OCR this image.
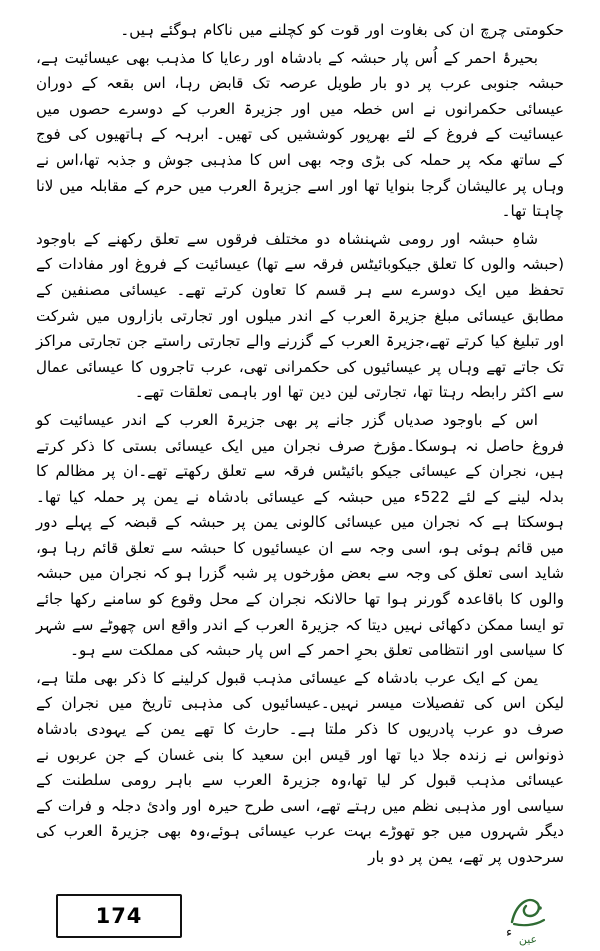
حکومتی چرچ ان کی بغاوت اور قوت کو کچلنے میں ناکام ہوگئے ہیں۔

بحیرۂ احمر کے اُس پار حبشہ کے بادشاہ اور رعایا کا مذہب بھی عیسائیت ہے، حبشہ جنوبی عرب پر دو بار طویل عرصہ تک قابض رہا، اس بقعہ کے دوران عیسائی حکمرانوں نے اس خطہ میں اور جزیرۃ العرب کے دوسرے حصوں میں عیسائیت کے فروغ کے لئے بھرپور کوششیں کی تھیں۔ ابرہہ کے ہاتھیوں کی فوج کے ساتھ مکہ پر حملہ کی بڑی وجہ بھی اس کا مذہبی جوش و جذبہ تھا،اس نے وہاں پر عالیشان گرجا بنوایا تھا اور اسے جزیرۃ العرب میں حرم کے مقابلہ میں لانا چاہتا تھا۔

شاہِ حبشہ اور رومی شہنشاہ دو مختلف فرقوں سے تعلق رکھنے کے باوجود (حبشہ والوں کا تعلق جیکوبائیٹس فرقہ سے تھا) عیسائیت کے فروغ اور مفادات کے تحفظ میں ایک دوسرے سے ہر قسم کا تعاون کرتے تھے۔ عیسائی مصنفین کے مطابق عیسائی مبلغ جزیرۃ العرب کے اندر میلوں اور تجارتی بازاروں میں شرکت اور تبلیغ کیا کرتے تھے،جزیرۃ العرب کے گزرنے والے تجارتی راستے جن تجارتی مراکز تک جاتے تھے وہاں پر عیسائیوں کی حکمرانی تھی، عرب تاجروں کا عیسائی عمال سے اکثر رابطہ رہتا تھا، تجارتی لین دین تھا اور باہمی تعلقات تھے۔

اس کے باوجود صدیاں گزر جانے پر بھی جزیرۃ العرب کے اندر عیسائیت کو فروغ حاصل نہ ہوسکا۔مؤرخ صرف نجران میں ایک عیسائی بستی کا ذکر کرتے ہیں، نجران کے عیسائی جیکو بائیٹس فرقہ سے تعلق رکھتے تھے۔ان پر مظالم کا بدلہ لینے کے لئے 522ء میں حبشہ کے عیسائی بادشاہ نے یمن پر حملہ کیا تھا۔ہوسکتا ہے کہ نجران میں عیسائی کالونی یمن پر حبشہ کے قبضہ کے پہلے دور میں قائم ہوئی ہو، اسی وجہ سے ان عیسائیوں کا حبشہ سے تعلق قائم رہا ہو، شاید اسی تعلق کی وجہ سے بعض مؤرخوں پر شبہ گزرا ہو کہ نجران میں حبشہ والوں کا باقاعدہ گورنر ہوا تھا حالانکہ نجران کے محل وقوع کو سامنے رکھا جائے تو ایسا ممکن دکھائی نہیں دیتا کہ جزیرۃ العرب کے اندر واقع اس چھوٹے سے شہر کا سیاسی اور انتظامی تعلق بحرِ احمر کے اس پار حبشہ کی مملکت سے ہو۔

یمن کے ایک عرب بادشاہ کے عیسائی مذہب قبول کرلینے کا ذکر بھی ملتا ہے، لیکن اس کی تفصیلات میسر نہیں۔عیسائیوں کی مذہبی تاریخ میں نجران کے صرف دو عرب پادریوں کا ذکر ملتا ہے۔ حارث کا تھے یمن کے یہودی بادشاہ ذونواس نے زندہ جلا دیا تھا اور قیس ابن سعید کا بنی غسان کے جن عربوں نے عیسائی مذہب قبول کر لیا تھا،وہ جزیرۃ العرب سے باہر رومی سلطنت کے سیاسی اور مذہبی نظم میں رہتے تھے، اسی طرح حیرہ اور وادیٔ دجلہ و فرات کے دیگر شہروں میں جو تھوڑے بہت عرب عیسائی ہوئے،وہ بھی جزیرۃ العرب کی سرحدوں پر تھے، یمن پر دو بار

174
ء عین
